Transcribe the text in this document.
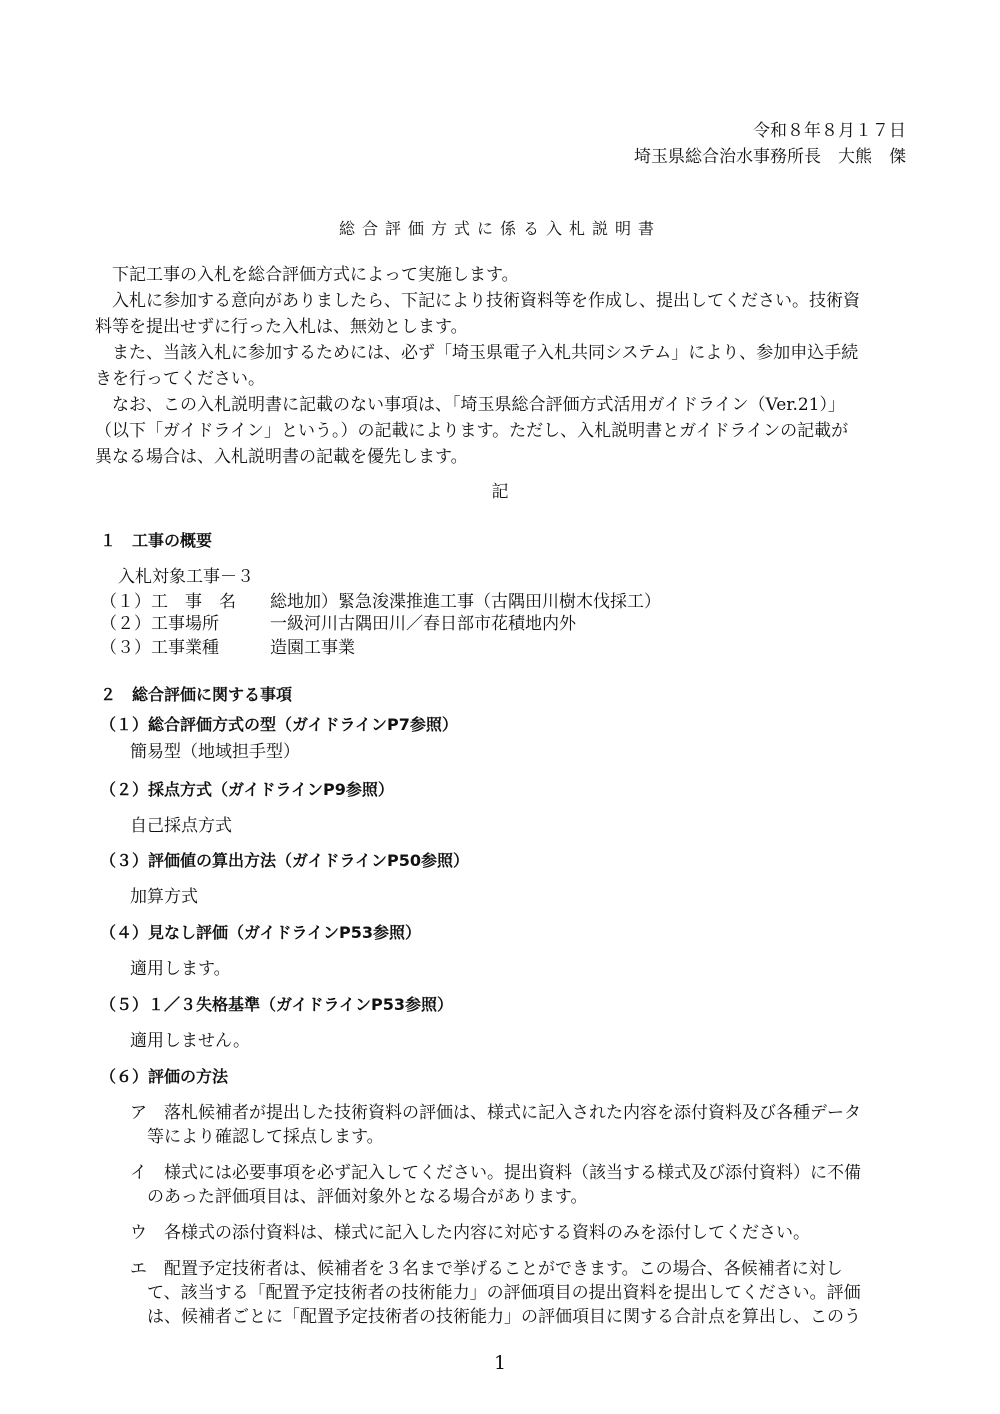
令和８年８月１７日
埼玉県総合治水事務所長　大熊　傑
総合評価方式に係る入札説明書
　下記工事の入札を総合評価方式によって実施します。
　入札に参加する意向がありましたら、下記により技術資料等を作成し、提出してください。技術資
料等を提出せずに行った入札は、無効とします。
　また、当該入札に参加するためには、必ず「埼玉県電子入札共同システム」により、参加申込手続
きを行ってください。
　なお、この入札説明書に記載のない事項は、「埼玉県総合評価方式活用ガイドライン（Ver.21）」
（以下「ガイドライン」という。）の記載によります。ただし、入札説明書とガイドラインの記載が
異なる場合は、入札説明書の記載を優先します。
記
１　工事の概要
入札対象工事－３
（１）工　事　名 総地加）緊急浚渫推進工事（古隅田川樹木伐採工）
（２）工事場所	一級河川古隅田川／春日部市花積地内外
（３）工事業種	造園工事業
２　総合評価に関する事項
（１）総合評価方式の型（ガイドラインP7参照）
簡易型（地域担手型）
（２）採点方式（ガイドラインP9参照）
自己採点方式
（３）評価値の算出方法（ガイドラインP50参照）
加算方式
（４）見なし評価（ガイドラインP53参照）
適用します。
（５）１／３失格基準（ガイドラインP53参照）
適用しません。
（６）評価の方法
ア　落札候補者が提出した技術資料の評価は、様式に記入された内容を添付資料及び各種データ
　等により確認して採点します。
イ　様式には必要事項を必ず記入してください。提出資料（該当する様式及び添付資料）に不備
　のあった評価項目は、評価対象外となる場合があります。
ウ　各様式の添付資料は、様式に記入した内容に対応する資料のみを添付してください。
エ　配置予定技術者は、候補者を３名まで挙げることができます。この場合、各候補者に対し
　て、該当する「配置予定技術者の技術能力」の評価項目の提出資料を提出してください。評価
　は、候補者ごとに「配置予定技術者の技術能力」の評価項目に関する合計点を算出し、このう
1
